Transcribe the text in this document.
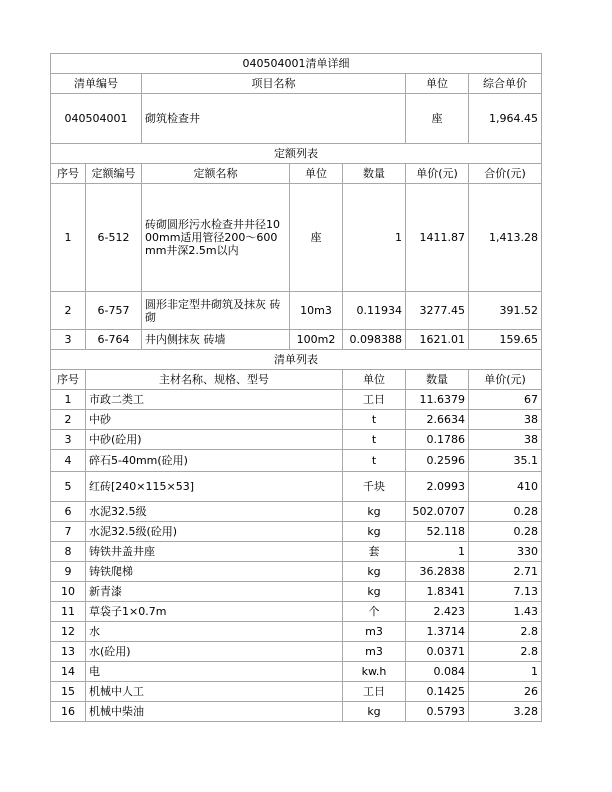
040504001清单详细							
清单编号		项目名称			单位	综合单价	
040504001		砌筑检查井			座	1,964.45	
定额列表							
序号	定额编号	定额名称	单位	数量	单价(元)	合价(元)	
1	6-512	砖砌圆形污水检查井井径1000mm适用管径200～600mm井深2.5m以内	座	1	1411.87	1,413.28	
2	6-757	圆形非定型井砌筑及抹灰 砖砌	10m3	0.11934	3277.45	391.52	
3	6-764	井内侧抹灰 砖墙	100m2	0.098388	1621.01	159.65	
清单列表							
序号	主材名称、规格、型号			单位	数量	单价(元)	
1	市政二类工			工日	11.6379	67	
2	中砂			t	2.6634	38	
3	中砂(砼用)			t	0.1786	38	
4	碎石5-40mm(砼用)			t	0.2596	35.1	
5	红砖[240×115×53]			千块	2.0993	410	
6	水泥32.5级			kg	502.0707	0.28	
7	水泥32.5级(砼用)			kg	52.118	0.28	
8	铸铁井盖井座			套	1	330	
9	铸铁爬梯			kg	36.2838	2.71	
10	新青漆			kg	1.8341	7.13	
11	草袋子1×0.7m			个	2.423	1.43	
12	水			m3	1.3714	2.8	
13	水(砼用)			m3	0.0371	2.8	
14	电			kw.h	0.084	1	
15	机械中人工			工日	0.1425	26	
16	机械中柴油			kg	0.5793	3.28	
